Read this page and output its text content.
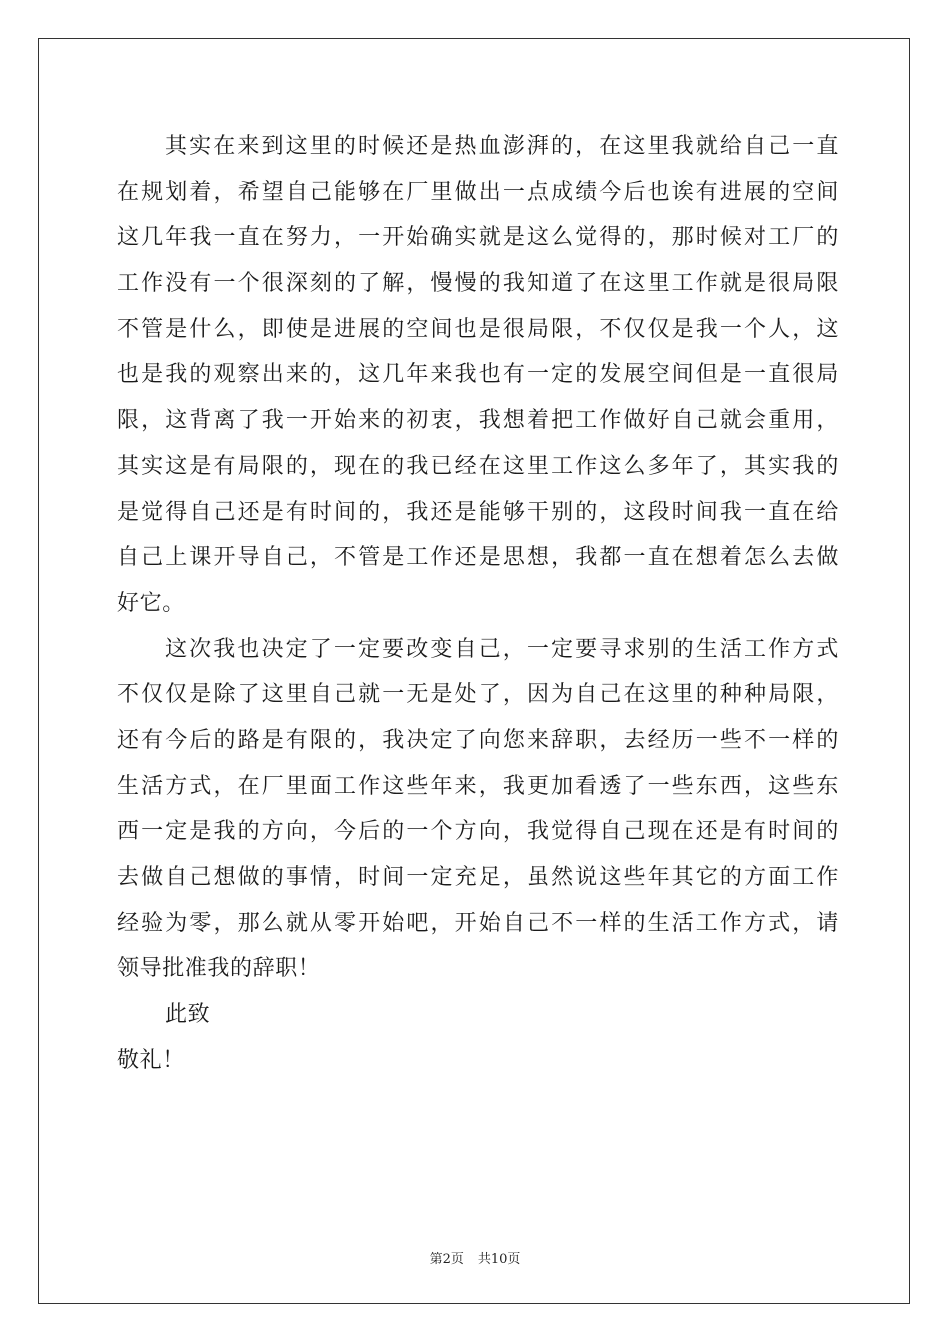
其实在来到这里的时候还是热血澎湃的，在这里我就给自己一直
在规划着，希望自己能够在厂里做出一点成绩今后也诶有进展的空间
这几年我一直在努力，一开始确实就是这么觉得的，那时候对工厂的
工作没有一个很深刻的了解，慢慢的我知道了在这里工作就是很局限
不管是什么，即使是进展的空间也是很局限，不仅仅是我一个人，这
也是我的观察出来的，这几年来我也有一定的发展空间但是一直很局
限，这背离了我一开始来的初衷，我想着把工作做好自己就会重用，
其实这是有局限的，现在的我已经在这里工作这么多年了，其实我的
是觉得自己还是有时间的，我还是能够干别的，这段时间我一直在给
自己上课开导自己，不管是工作还是思想，我都一直在想着怎么去做
好它。
这次我也决定了一定要改变自己，一定要寻求别的生活工作方式
不仅仅是除了这里自己就一无是处了，因为自己在这里的种种局限，
还有今后的路是有限的，我决定了向您来辞职，去经历一些不一样的
生活方式，在厂里面工作这些年来，我更加看透了一些东西，这些东
西一定是我的方向，今后的一个方向，我觉得自己现在还是有时间的
去做自己想做的事情，时间一定充足，虽然说这些年其它的方面工作
经验为零，那么就从零开始吧，开始自己不一样的生活工作方式，请
领导批准我的辞职！
此致
敬礼！
第2页 共10页
